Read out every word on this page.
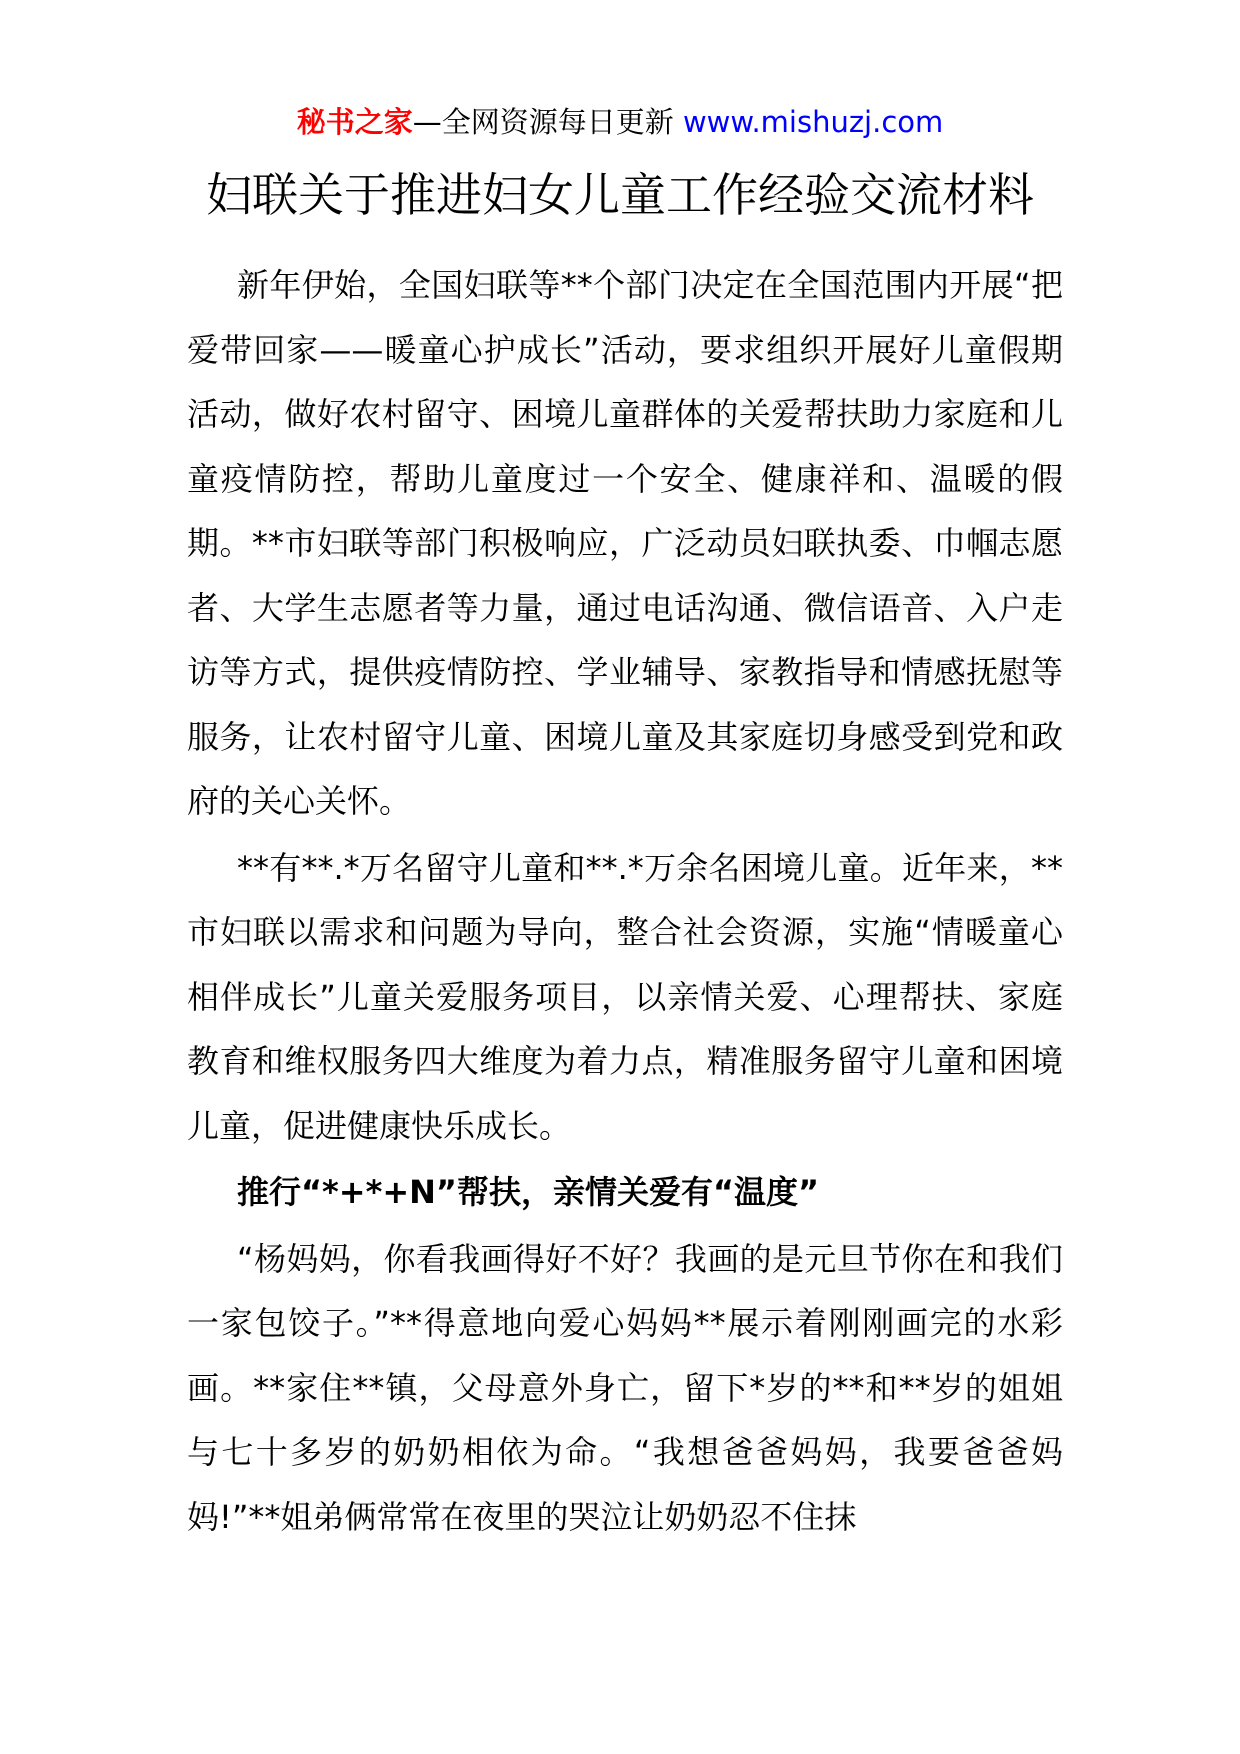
秘书之家—全网资源每日更新 www.mishuzj.com
妇联关于推进妇女儿童工作经验交流材料

新年伊始，全国妇联等**个部门决定在全国范围内开展“把爱带回家——暖童心护成长”活动，要求组织开展好儿童假期活动，做好农村留守、困境儿童群体的关爱帮扶助力家庭和儿童疫情防控，帮助儿童度过一个安全、健康祥和、温暖的假期。**市妇联等部门积极响应，广泛动员妇联执委、巾帼志愿者、大学生志愿者等力量，通过电话沟通、微信语音、入户走访等方式，提供疫情防控、学业辅导、家教指导和情感抚慰等服务，让农村留守儿童、困境儿童及其家庭切身感受到党和政府的关心关怀。

**有**.*万名留守儿童和**.*万余名困境儿童。近年来，**市妇联以需求和问题为导向，整合社会资源，实施“情暖童心相伴成长”儿童关爱服务项目，以亲情关爱、心理帮扶、家庭教育和维权服务四大维度为着力点，精准服务留守儿童和困境儿童，促进健康快乐成长。

推行“*+*+N”帮扶，亲情关爱有“温度”

“杨妈妈，你看我画得好不好？我画的是元旦节你在和我们一家包饺子。”**得意地向爱心妈妈**展示着刚刚画完的水彩画。**家住**镇，父母意外身亡，留下*岁的**和**岁的姐姐与七十多岁的奶奶相依为命。“我想爸爸妈妈，我要爸爸妈妈!”**姐弟俩常常在夜里的哭泣让奶奶忍不住抹
